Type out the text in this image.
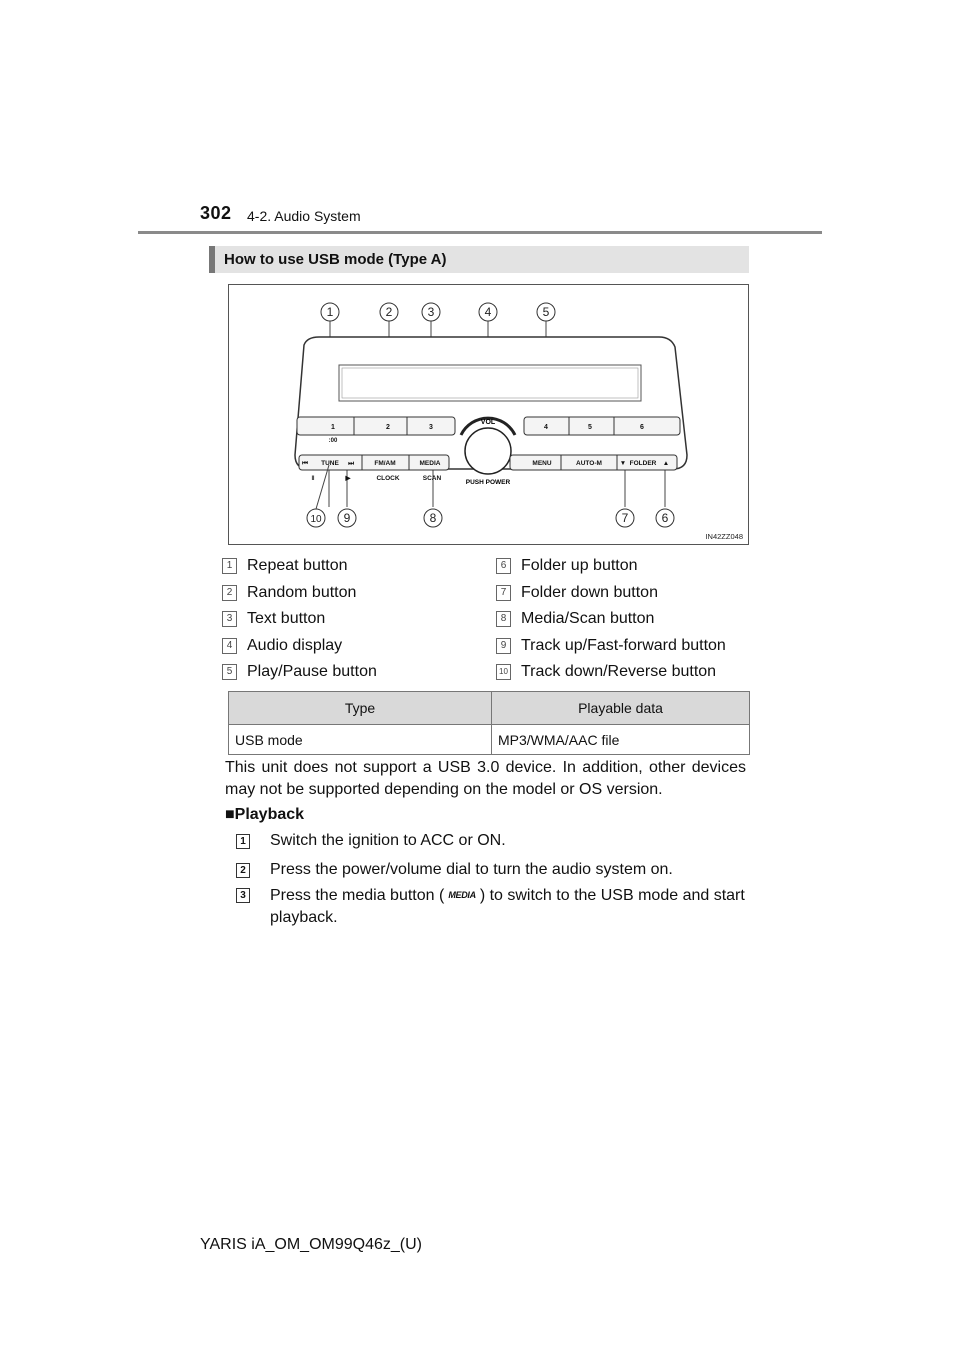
302 4-2. Audio System
How to use USB mode (Type A)
1	2	3	4	5	6
:00
VOL
PUSH POWER
⏮ TUNE ⏭	FM/AM	MEDIA	MENU	AUTO-M	▼ FOLDER ▲
‖	▶	CLOCK	SCAN
1	2	3	4	5
10 9	8	7	6
IN42ZZ048
1 Repeat button
2 Random button
3 Text button
4 Audio display
5 Play/Pause button
6 Folder up button
7 Folder down button
8 Media/Scan button
9 Track up/Fast-forward button
10 Track down/Reverse button
Type	Playable data
USB mode	MP3/WMA/AAC file
This unit does not support a USB 3.0 device. In addition, other devices may not be supported depending on the model or OS version.
■Playback
1	Switch the ignition to ACC or ON.
2	Press the power/volume dial to turn the audio system on.
3	Press the media button ( MEDIA ) to switch to the USB mode and start playback.
YARIS iA_OM_OM99Q46z_(U)
